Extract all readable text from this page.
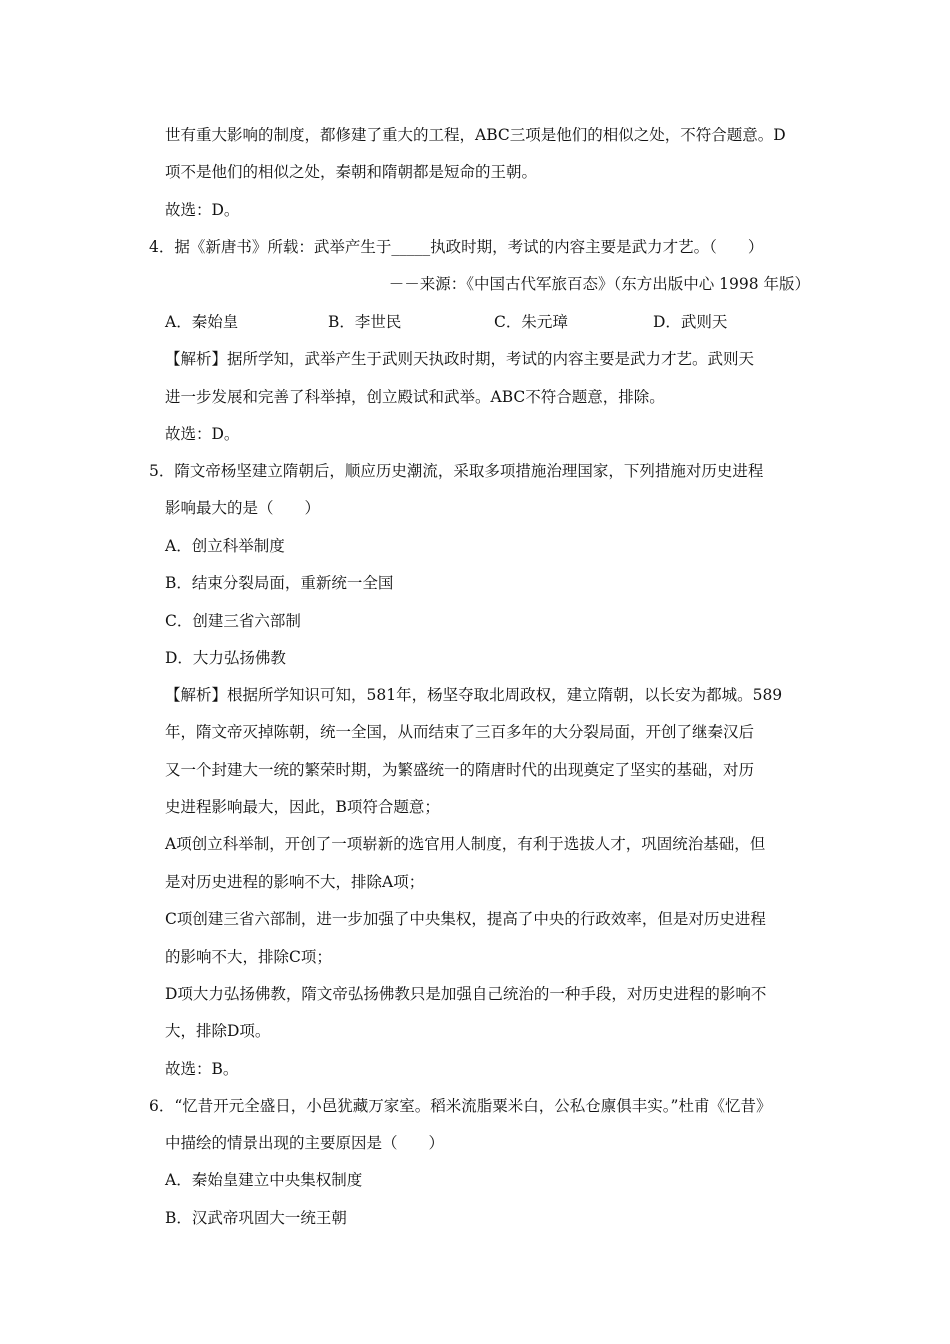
世有重大影响的制度，都修建了重大的工程，ABC三项是他们的相似之处，不符合题意。D
项不是他们的相似之处，秦朝和隋朝都是短命的王朝。
故选：D。
4．据《新唐书》所载：武举产生于_____执政时期，考试的内容主要是武力才艺。（　　）
－－来源：《中国古代军旅百态》（东方出版中心 1998 年版）
A．秦始皇	B．李世民	C．朱元璋	D．武则天
【解析】据所学知，武举产生于武则天执政时期，考试的内容主要是武力才艺。武则天
进一步发展和完善了科举掉，创立殿试和武举。ABC不符合题意，排除。
故选：D。
5．隋文帝杨坚建立隋朝后，顺应历史潮流，采取多项措施治理国家，下列措施对历史进程
影响最大的是（　　）
A．创立科举制度
B．结束分裂局面，重新统一全国
C．创建三省六部制
D．大力弘扬佛教
【解析】根据所学知识可知，581年，杨坚夺取北周政权，建立隋朝，以长安为都城。589
年，隋文帝灭掉陈朝，统一全国，从而结束了三百多年的大分裂局面，开创了继秦汉后
又一个封建大一统的繁荣时期，为繁盛统一的隋唐时代的出现奠定了坚实的基础，对历
史进程影响最大，因此，B项符合题意；
A项创立科举制，开创了一项崭新的选官用人制度，有利于选拔人才，巩固统治基础，但
是对历史进程的影响不大，排除A项；
C项创建三省六部制，进一步加强了中央集权，提高了中央的行政效率，但是对历史进程
的影响不大，排除C项；
D项大力弘扬佛教，隋文帝弘扬佛教只是加强自己统治的一种手段，对历史进程的影响不
大，排除D项。
故选：B。
6．“忆昔开元全盛日，小邑犹藏万家室。稻米流脂粟米白，公私仓廪俱丰实。”杜甫《忆昔》
中描绘的情景出现的主要原因是（　　）
A．秦始皇建立中央集权制度
B．汉武帝巩固大一统王朝
